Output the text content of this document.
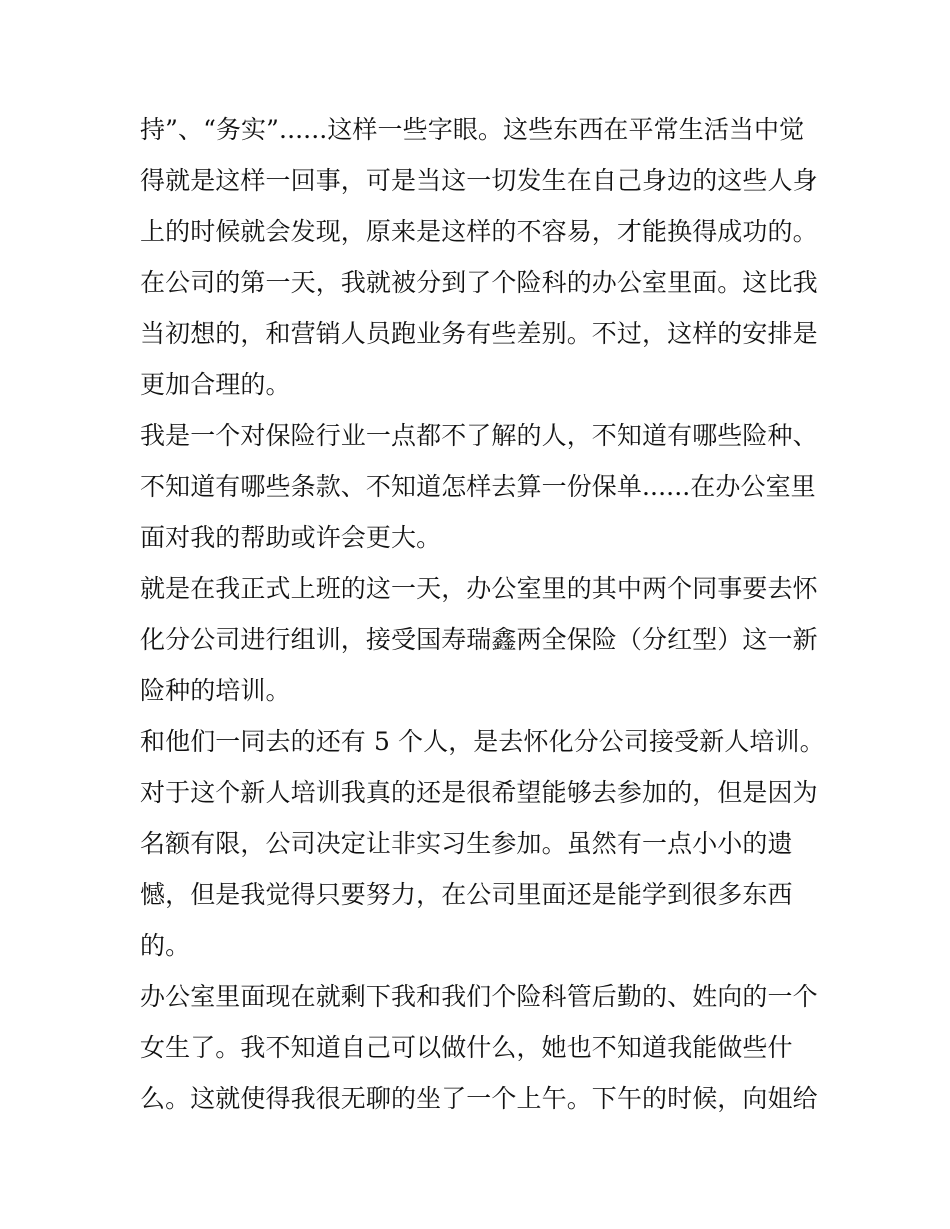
持”、“务实”......这样一些字眼。这些东西在平常生活当中觉
得就是这样一回事，可是当这一切发生在自己身边的这些人身
上的时候就会发现，原来是这样的不容易，才能换得成功的。
在公司的第一天，我就被分到了个险科的办公室里面。这比我
当初想的，和营销人员跑业务有些差别。不过，这样的安排是
更加合理的。
我是一个对保险行业一点都不了解的人，不知道有哪些险种、
不知道有哪些条款、不知道怎样去算一份保单......在办公室里
面对我的帮助或许会更大。
就是在我正式上班的这一天，办公室里的其中两个同事要去怀
化分公司进行组训，接受国寿瑞鑫两全保险（分红型）这一新
险种的培训。
和他们一同去的还有 5 个人，是去怀化分公司接受新人培训。
对于这个新人培训我真的还是很希望能够去参加的，但是因为
名额有限，公司决定让非实习生参加。虽然有一点小小的遗
憾，但是我觉得只要努力，在公司里面还是能学到很多东西
的。
办公室里面现在就剩下我和我们个险科管后勤的、姓向的一个
女生了。我不知道自己可以做什么，她也不知道我能做些什
么。这就使得我很无聊的坐了一个上午。下午的时候，向姐给
